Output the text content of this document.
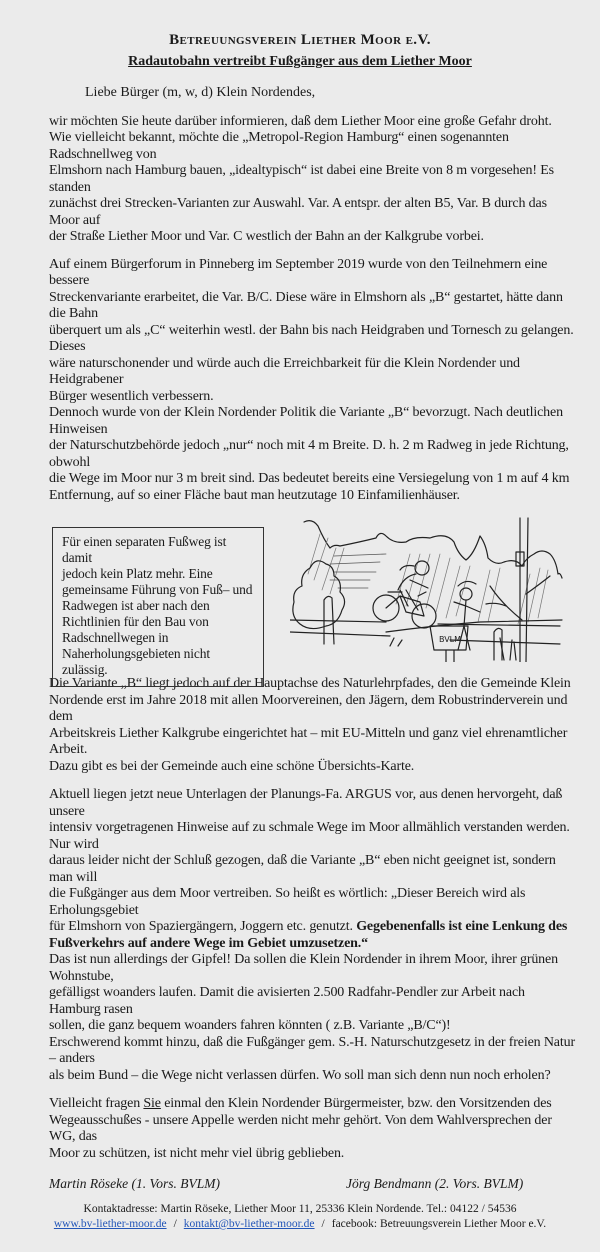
Betreuungsverein Liether Moor e.V.
Radautobahn vertreibt Fußgänger aus dem Liether Moor
Liebe Bürger (m, w, d) Klein Nordendes,
wir möchten Sie heute darüber informieren, daß dem Liether Moor eine große Gefahr droht.
Wie vielleicht bekannt, möchte die „Metropol-Region Hamburg“ einen sogenannten Radschnellweg von
Elmshorn nach Hamburg bauen, „idealtypisch“ ist dabei eine Breite von 8 m vorgesehen! Es standen
zunächst drei Strecken-Varianten zur Auswahl. Var. A entspr. der alten B5, Var. B durch das Moor auf
der Straße Liether Moor und Var. C westlich der Bahn an der Kalkgrube vorbei.
Auf einem Bürgerforum in Pinneberg im September 2019 wurde von den Teilnehmern eine bessere
Streckenvariante erarbeitet, die Var. B/C. Diese wäre in Elmshorn als „B“ gestartet, hätte dann die Bahn
überquert um als „C“ weiterhin westl. der Bahn bis nach Heidgraben und Tornesch zu gelangen. Dieses
wäre naturschonender und würde auch die Erreichbarkeit für die Klein Nordender und Heidgrabener
Bürger wesentlich verbessern.
Dennoch wurde von der Klein Nordender Politik die Variante „B“ bevorzugt. Nach deutlichen Hinweisen
der Naturschutzbehörde jedoch „nur“ noch mit 4 m Breite. D. h. 2 m Radweg in jede Richtung, obwohl
die Wege im Moor nur 3 m breit sind. Das bedeutet bereits eine Versiegelung von 1 m auf 4 km
Entfernung, auf so einer Fläche baut man heutzutage 10 Einfamilienhäuser.
Für einen separaten Fußweg ist damit
jedoch kein Platz mehr. Eine
gemeinsame Führung von Fuß– und
Radwegen ist aber nach den
Richtlinien für den Bau von
Radschnellwegen in
Naherholungsgebieten nicht zulässig.
BVLM
Die Variante „B“ liegt jedoch auf der Hauptachse des Naturlehrpfades, den die Gemeinde Klein
Nordende erst im Jahre 2018 mit allen Moorvereinen, den Jägern, dem Robustrinderverein und dem
Arbeitskreis Liether Kalkgrube eingerichtet hat – mit EU-Mitteln und ganz viel ehrenamtlicher Arbeit.
Dazu gibt es bei der Gemeinde auch eine schöne Übersichts-Karte.
Aktuell liegen jetzt neue Unterlagen der Planungs-Fa. ARGUS vor, aus denen hervorgeht, daß unsere
intensiv vorgetragenen Hinweise auf zu schmale Wege im Moor allmählich verstanden werden. Nur wird
daraus leider nicht der Schluß gezogen, daß die Variante „B“ eben nicht geeignet ist, sondern man will
die Fußgänger aus dem Moor vertreiben. So heißt es wörtlich: „Dieser Bereich wird als Erholungsgebiet
für Elmshorn von Spaziergängern, Joggern etc. genutzt. Gegebenenfalls ist eine Lenkung des
Fußverkehrs auf andere Wege im Gebiet umzusetzen.“
Das ist nun allerdings der Gipfel! Da sollen die Klein Nordender in ihrem Moor, ihrer grünen Wohnstube,
gefälligst woanders laufen. Damit die avisierten 2.500 Radfahr-Pendler zur Arbeit nach Hamburg rasen
sollen, die ganz bequem woanders fahren könnten ( z.B. Variante „B/C“)!
Erschwerend kommt hinzu, daß die Fußgänger gem. S.-H. Naturschutzgesetz in der freien Natur – anders
als beim Bund – die Wege nicht verlassen dürfen. Wo soll man sich denn nun noch erholen?
Vielleicht fragen Sie einmal den Klein Nordender Bürgermeister, bzw. den Vorsitzenden des
Wegeausschußes - unsere Appelle werden nicht mehr gehört. Von dem Wahlversprechen der WG, das
Moor zu schützen, ist nicht mehr viel übrig geblieben.
Martin Röseke (1. Vors. BVLM)	Jörg Bendmann (2. Vors. BVLM)
Kontaktadresse: Martin Röseke, Liether Moor 11, 25336 Klein Nordende. Tel.: 04122 / 54536
www.bv-liether-moor.de / kontakt@bv-liether-moor.de / facebook: Betreuungsverein Liether Moor e.V.
